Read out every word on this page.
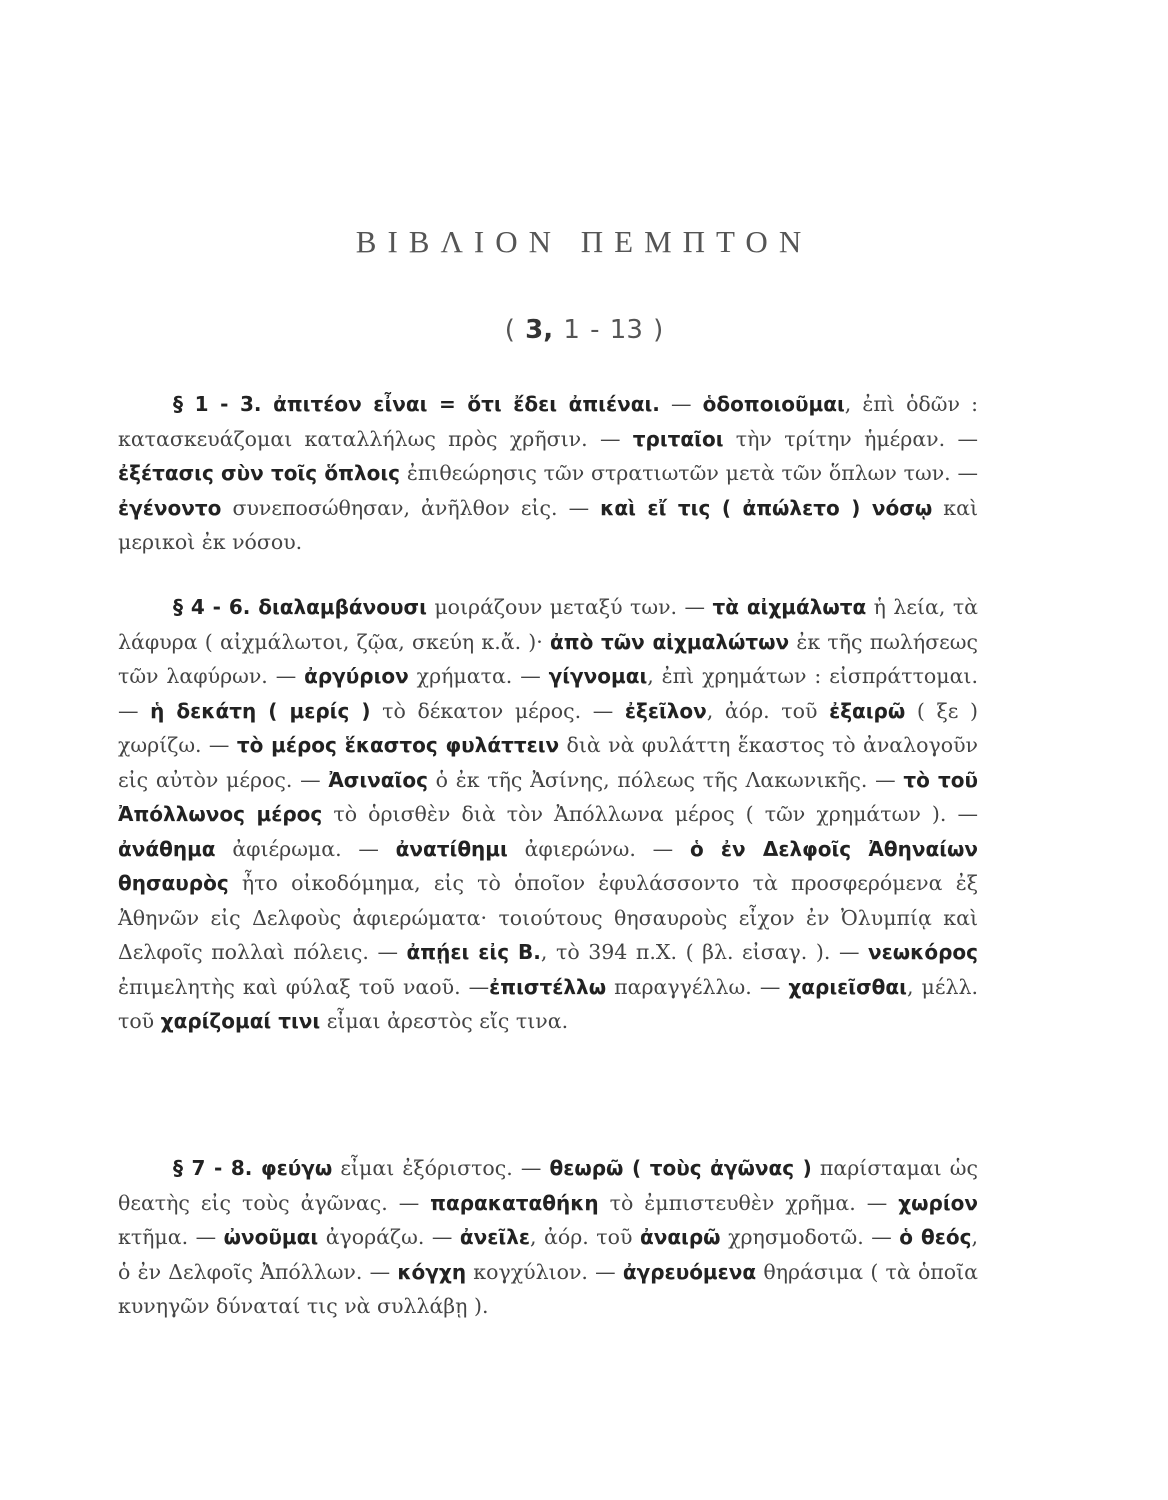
ΒΙΒΛΙΟΝ ΠΕΜΠΤΟΝ
( 3, 1 - 13 )
§ 1 - 3. ἀπιτέον εἶναι = ὅτι ἔδει ἀπιέναι. — ὁδοποιοῦμαι, ἐπὶ ὁδῶν : κατασκευάζομαι καταλλήλως πρὸς χρῆσιν. — τριταῖοι τὴν τρίτην ἡμέραν. — ἐξέτασις σὺν τοῖς ὅπλοις ἐπιθεώρησις τῶν στρατιωτῶν μετὰ τῶν ὅπλων των. — ἐγένοντο συνεποσώθησαν, ἀνῆλθον εἰς. — καὶ εἴ τις ( ἀπώλετο ) νόσῳ καὶ μερικοὶ ἐκ νόσου.
§ 4 - 6. διαλαμβάνουσι μοιράζουν μεταξύ των. — τὰ αἰχμάλωτα ἡ λεία, τὰ λάφυρα ( αἰχμάλωτοι, ζῷα, σκεύη κ.ἄ. )· ἀπὸ τῶν αἰχμαλώτων ἐκ τῆς πωλήσεως τῶν λαφύρων. — ἀργύριον χρήματα. — γίγνομαι, ἐπὶ χρημάτων : εἰσπράττομαι. — ἡ δεκάτη ( μερίς ) τὸ δέκατον μέρος. — ἐξεῖλον, ἀόρ. τοῦ ἐξαιρῶ ( ξε ) χωρίζω. — τὸ μέρος ἕκαστος φυλάττειν διὰ νὰ φυλάττη ἕκαστος τὸ ἀναλογοῦν εἰς αὐτὸν μέρος. — Ἀσιναῖος ὁ ἐκ τῆς Ἀσίνης, πόλεως τῆς Λακωνικῆς. — τὸ τοῦ Ἀπόλλωνος μέρος τὸ ὁρισθὲν διὰ τὸν Ἀπόλλωνα μέρος ( τῶν χρημάτων ). — ἀνάθημα ἀφιέρωμα. — ἀνατίθημι ἀφιερώνω. — ὁ ἐν Δελφοῖς Ἀθηναίων θησαυρὸς ἦτο οἰκοδόμημα, εἰς τὸ ὁποῖον ἐφυλάσσοντο τὰ προσφερόμενα ἐξ Ἀθηνῶν εἰς Δελφοὺς ἀφιερώματα· τοιούτους θησαυροὺς εἶχον ἐν Ὀλυμπίᾳ καὶ Δελφοῖς πολλαὶ πόλεις. — ἀπῄει εἰς Β., τὸ 394 π.Χ. ( βλ. εἰσαγ. ). — νεωκόρος ἐπιμελητὴς καὶ φύλαξ τοῦ ναοῦ. —ἐπιστέλλω παραγγέλλω. — χαριεῖσθαι, μέλλ. τοῦ χαρίζομαί τινι εἶμαι ἀρεστὸς εἴς τινα.
§ 7 - 8. φεύγω εἶμαι ἐξόριστος. — θεωρῶ ( τοὺς ἀγῶνας ) παρίσταμαι ὡς θεατὴς εἰς τοὺς ἀγῶνας. — παρακαταθήκη τὸ ἐμπιστευθὲν χρῆμα. — χωρίον κτῆμα. — ὠνοῦμαι ἀγοράζω. — ἀνεῖλε, ἀόρ. τοῦ ἀναιρῶ χρησμοδοτῶ. — ὁ θεός, ὁ ἐν Δελφοῖς Ἀπόλλων. — κόγχη κογχύλιον. — ἀγρευόμενα θηράσιμα ( τὰ ὁποῖα κυνηγῶν δύναταί τις νὰ συλλάβῃ ).
